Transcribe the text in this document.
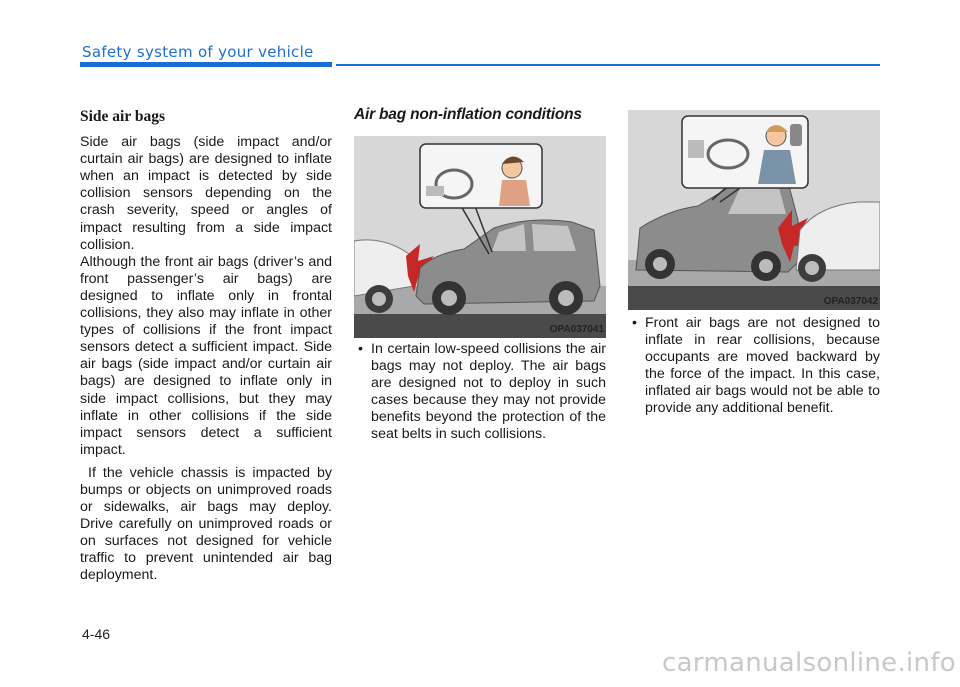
Safety system of your vehicle
Side air bags

Side air bags (side impact and/or curtain air bags) are designed to inflate when an impact is detected by side collision sensors depending on the crash severity, speed or angles of impact resulting from a side impact collision.

Although the front air bags (driver’s and front passenger’s air bags) are designed to inflate only in frontal collisions, they also may inflate in other types of collisions if the front impact sensors detect a sufficient impact. Side air bags (side impact and/or curtain air bags) are designed to inflate only in side impact collisions, but they may inflate in other collisions if the side impact sensors detect a sufficient impact.

If the vehicle chassis is impacted by bumps or objects on unimproved roads or sidewalks, air bags may deploy. Drive carefully on unimproved roads or on surfaces not designed for vehicle traffic to prevent unintended air bag deployment.

Air bag non-inflation conditions
OPA037041
• In certain low-speed collisions the air bags may not deploy. The air bags are designed not to deploy in such cases because they may not provide benefits beyond the protection of the seat belts in such collisions.
OPA037042
• Front air bags are not designed to inflate in rear collisions, because occupants are moved backward by the force of the impact. In this case, inflated air bags would not be able to provide any additional benefit.
4-46
carmanualsonline.info
